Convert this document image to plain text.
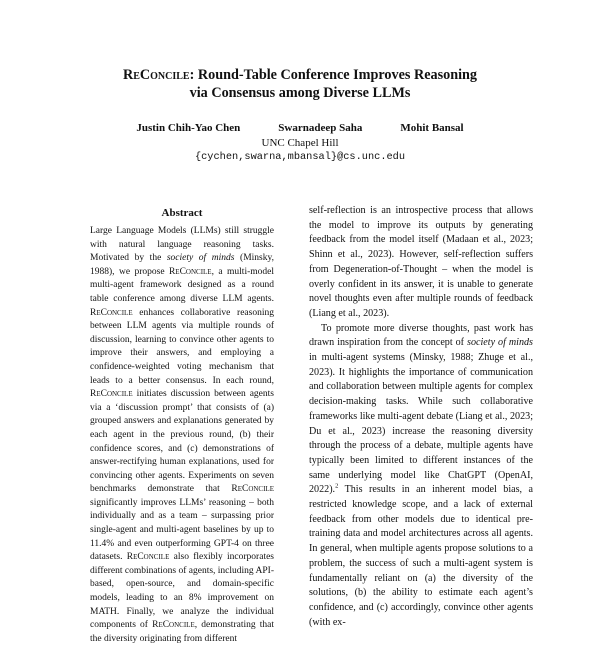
ReConcile: Round-Table Conference Improves Reasoning
via Consensus among Diverse LLMs
Justin Chih-Yao Chen	Swarnadeep Saha	Mohit Bansal
UNC Chapel Hill
{cychen,swarna,mbansal}@cs.unc.edu
Abstract

Large Language Models (LLMs) still struggle with natural language reasoning tasks. Motivated by the society of minds (Minsky, 1988), we propose ReConcile, a multi-model multi-agent framework designed as a round table conference among diverse LLM agents. ReConcile enhances collaborative reasoning between LLM agents via multiple rounds of discussion, learning to convince other agents to improve their answers, and employing a confidence-weighted voting mechanism that leads to a better consensus. In each round, ReConcile initiates discussion between agents via a ‘discussion prompt’ that consists of (a) grouped answers and explanations generated by each agent in the previous round, (b) their confidence scores, and (c) demonstrations of answer-rectifying human explanations, used for convincing other agents. Experiments on seven benchmarks demonstrate that ReConcile significantly improves LLMs’ reasoning – both individually and as a team – surpassing prior single-agent and multi-agent baselines by up to 11.4% and even outperforming GPT-4 on three datasets. ReConcile also flexibly incorporates different combinations of agents, including API-based, open-source, and domain-specific models, leading to an 8% improvement on MATH. Finally, we analyze the individual components of ReConcile, demonstrating that the diversity originating from different

self-reflection is an introspective process that allows the model to improve its outputs by generating feedback from the model itself (Madaan et al., 2023; Shinn et al., 2023). However, self-reflection suffers from Degeneration-of-Thought – when the model is overly confident in its answer, it is unable to generate novel thoughts even after multiple rounds of feedback (Liang et al., 2023).

To promote more diverse thoughts, past work has drawn inspiration from the concept of society of minds in multi-agent systems (Minsky, 1988; Zhuge et al., 2023). It highlights the importance of communication and collaboration between multiple agents for complex decision-making tasks. While such collaborative frameworks like multi-agent debate (Liang et al., 2023; Du et al., 2023) increase the reasoning diversity through the process of a debate, multiple agents have typically been limited to different instances of the same underlying model like ChatGPT (OpenAI, 2022).$^2$ This results in an inherent model bias, a restricted knowledge scope, and a lack of external feedback from other models due to identical pre-training data and model architectures across all agents. In general, when multiple agents propose solutions to a problem, the success of such a multi-agent system is fundamentally reliant on (a) the diversity of the solutions, (b) the ability to estimate each agent’s confidence, and (c) accordingly, convince other agents (with ex-
